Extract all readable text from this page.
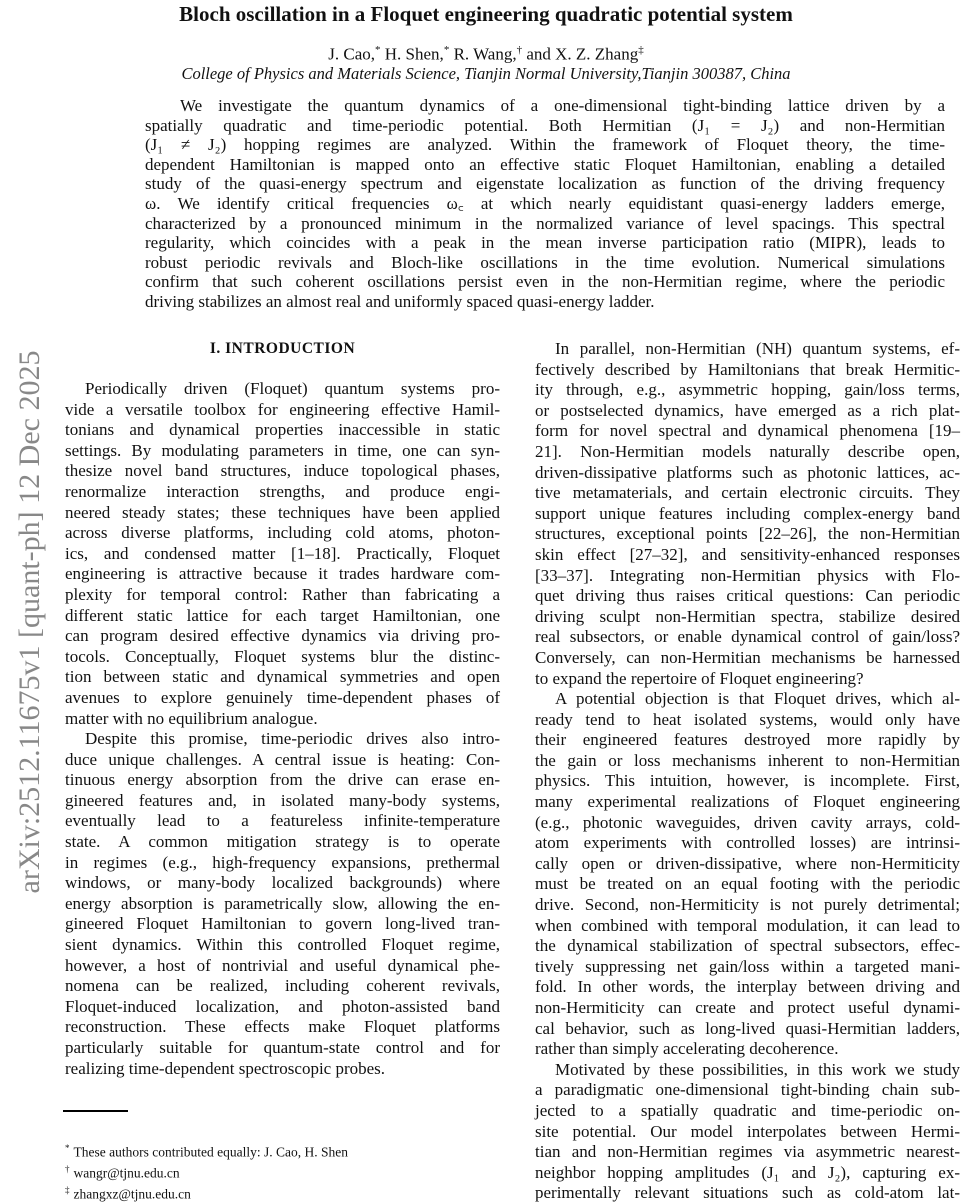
arXiv:2512.11675v1 [quant-ph] 12 Dec 2025
Bloch oscillation in a Floquet engineering quadratic potential system
J. Cao,* H. Shen,* R. Wang,† and X. Z. Zhang‡
College of Physics and Materials Science, Tianjin Normal University,Tianjin 300387, China
We investigate the quantum dynamics of a one-dimensional tight-binding lattice driven by a
spatially quadratic and time-periodic potential. Both Hermitian (J₁ = J₂) and non-Hermitian
(J₁ ≠ J₂) hopping regimes are analyzed. Within the framework of Floquet theory, the time-
dependent Hamiltonian is mapped onto an effective static Floquet Hamiltonian, enabling a detailed
study of the quasi-energy spectrum and eigenstate localization as function of the driving frequency
ω. We identify critical frequencies ω꜀ at which nearly equidistant quasi-energy ladders emerge,
characterized by a pronounced minimum in the normalized variance of level spacings. This spectral
regularity, which coincides with a peak in the mean inverse participation ratio (MIPR), leads to
robust periodic revivals and Bloch-like oscillations in the time evolution. Numerical simulations
confirm that such coherent oscillations persist even in the non-Hermitian regime, where the periodic
driving stabilizes an almost real and uniformly spaced quasi-energy ladder.
I. INTRODUCTION
Periodically driven (Floquet) quantum systems pro-
vide a versatile toolbox for engineering effective Hamil-
tonians and dynamical properties inaccessible in static
settings. By modulating parameters in time, one can syn-
thesize novel band structures, induce topological phases,
renormalize interaction strengths, and produce engi-
neered steady states; these techniques have been applied
across diverse platforms, including cold atoms, photon-
ics, and condensed matter [1–18]. Practically, Floquet
engineering is attractive because it trades hardware com-
plexity for temporal control: Rather than fabricating a
different static lattice for each target Hamiltonian, one
can program desired effective dynamics via driving pro-
tocols. Conceptually, Floquet systems blur the distinc-
tion between static and dynamical symmetries and open
avenues to explore genuinely time-dependent phases of
matter with no equilibrium analogue.
Despite this promise, time-periodic drives also intro-
duce unique challenges. A central issue is heating: Con-
tinuous energy absorption from the drive can erase en-
gineered features and, in isolated many-body systems,
eventually lead to a featureless infinite-temperature
state. A common mitigation strategy is to operate
in regimes (e.g., high-frequency expansions, prethermal
windows, or many-body localized backgrounds) where
energy absorption is parametrically slow, allowing the en-
gineered Floquet Hamiltonian to govern long-lived tran-
sient dynamics. Within this controlled Floquet regime,
however, a host of nontrivial and useful dynamical phe-
nomena can be realized, including coherent revivals,
Floquet-induced localization, and photon-assisted band
reconstruction. These effects make Floquet platforms
particularly suitable for quantum-state control and for
realizing time-dependent spectroscopic probes.
In parallel, non-Hermitian (NH) quantum systems, ef-
fectively described by Hamiltonians that break Hermitic-
ity through, e.g., asymmetric hopping, gain/loss terms,
or postselected dynamics, have emerged as a rich plat-
form for novel spectral and dynamical phenomena [19–
21]. Non-Hermitian models naturally describe open,
driven-dissipative platforms such as photonic lattices, ac-
tive metamaterials, and certain electronic circuits. They
support unique features including complex-energy band
structures, exceptional points [22–26], the non-Hermitian
skin effect [27–32], and sensitivity-enhanced responses
[33–37]. Integrating non-Hermitian physics with Flo-
quet driving thus raises critical questions: Can periodic
driving sculpt non-Hermitian spectra, stabilize desired
real subsectors, or enable dynamical control of gain/loss?
Conversely, can non-Hermitian mechanisms be harnessed
to expand the repertoire of Floquet engineering?
A potential objection is that Floquet drives, which al-
ready tend to heat isolated systems, would only have
their engineered features destroyed more rapidly by
the gain or loss mechanisms inherent to non-Hermitian
physics. This intuition, however, is incomplete. First,
many experimental realizations of Floquet engineering
(e.g., photonic waveguides, driven cavity arrays, cold-
atom experiments with controlled losses) are intrinsi-
cally open or driven-dissipative, where non-Hermiticity
must be treated on an equal footing with the periodic
drive. Second, non-Hermiticity is not purely detrimental;
when combined with temporal modulation, it can lead to
the dynamical stabilization of spectral subsectors, effec-
tively suppressing net gain/loss within a targeted mani-
fold. In other words, the interplay between driving and
non-Hermiticity can create and protect useful dynami-
cal behavior, such as long-lived quasi-Hermitian ladders,
rather than simply accelerating decoherence.
Motivated by these possibilities, in this work we study
a paradigmatic one-dimensional tight-binding chain sub-
jected to a spatially quadratic and time-periodic on-
site potential. Our model interpolates between Hermi-
tian and non-Hermitian regimes via asymmetric nearest-
neighbor hopping amplitudes (J₁ and J₂), capturing ex-
perimentally relevant situations such as cold-atom lat-
* These authors contributed equally: J. Cao, H. Shen
† wangr@tjnu.edu.cn
‡ zhangxz@tjnu.edu.cn
